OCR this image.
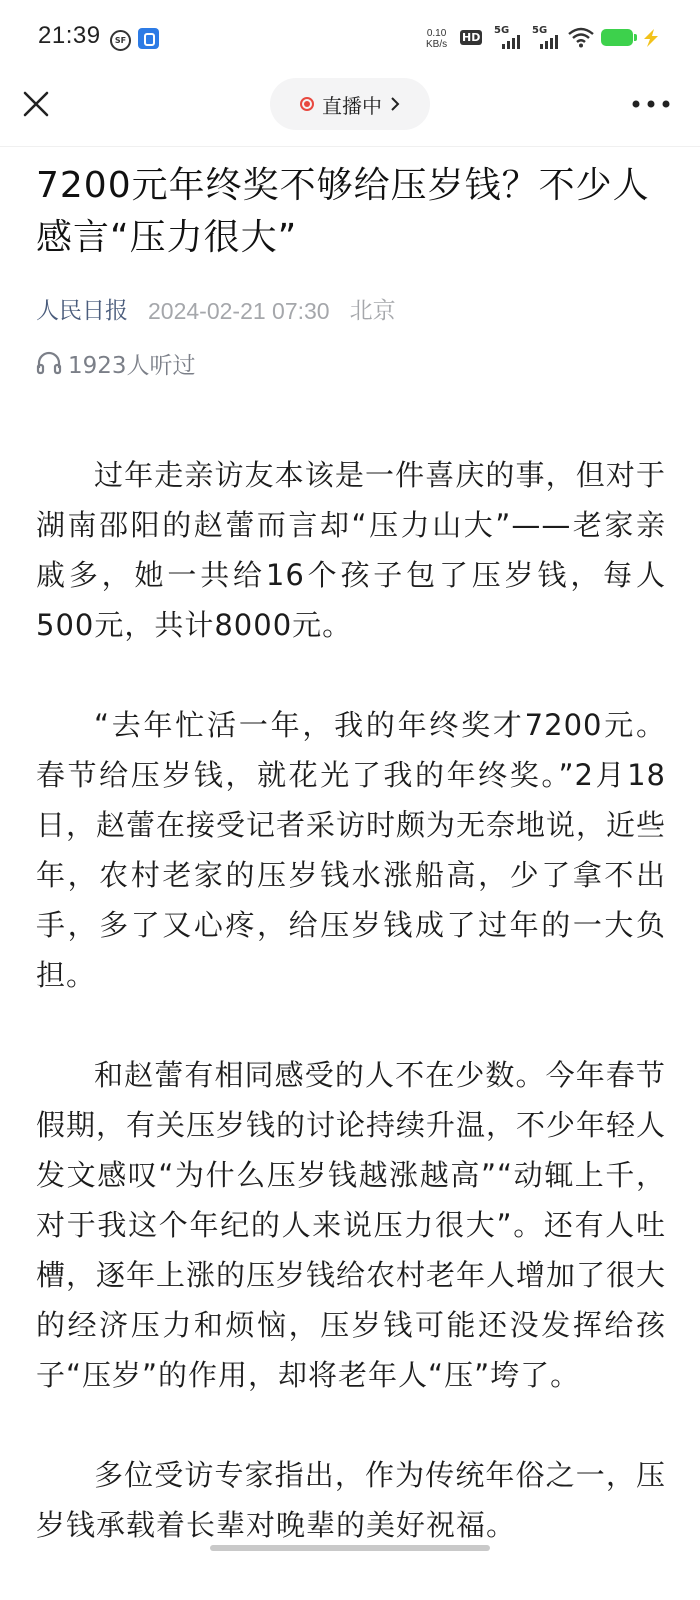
21:39	SF
0.10
KB/s
HD
5G 5G
直播中
7200元年终奖不够给压岁钱？不少人感言“压力很大”
人民日报 2024-02-21 07:30 北京
1923人听过

过年走亲访友本该是一件喜庆的事，但对于湖南邵阳的赵蕾而言却“压力山大”——老家亲戚多，她一共给16个孩子包了压岁钱，每人500元，共计8000元。

“去年忙活一年，我的年终奖才7200元。春节给压岁钱，就花光了我的年终奖。”2月18日，赵蕾在接受记者采访时颇为无奈地说，近些年，农村老家的压岁钱水涨船高，少了拿不出手，多了又心疼，给压岁钱成了过年的一大负担。

和赵蕾有相同感受的人不在少数。今年春节假期，有关压岁钱的讨论持续升温，不少年轻人发文感叹“为什么压岁钱越涨越高”“动辄上千，对于我这个年纪的人来说压力很大”。还有人吐槽，逐年上涨的压岁钱给农村老年人增加了很大的经济压力和烦恼，压岁钱可能还没发挥给孩子“压岁”的作用，却将老年人“压”垮了。

多位受访专家指出，作为传统年俗之一，压岁钱承载着长辈对晚辈的美好祝福。
